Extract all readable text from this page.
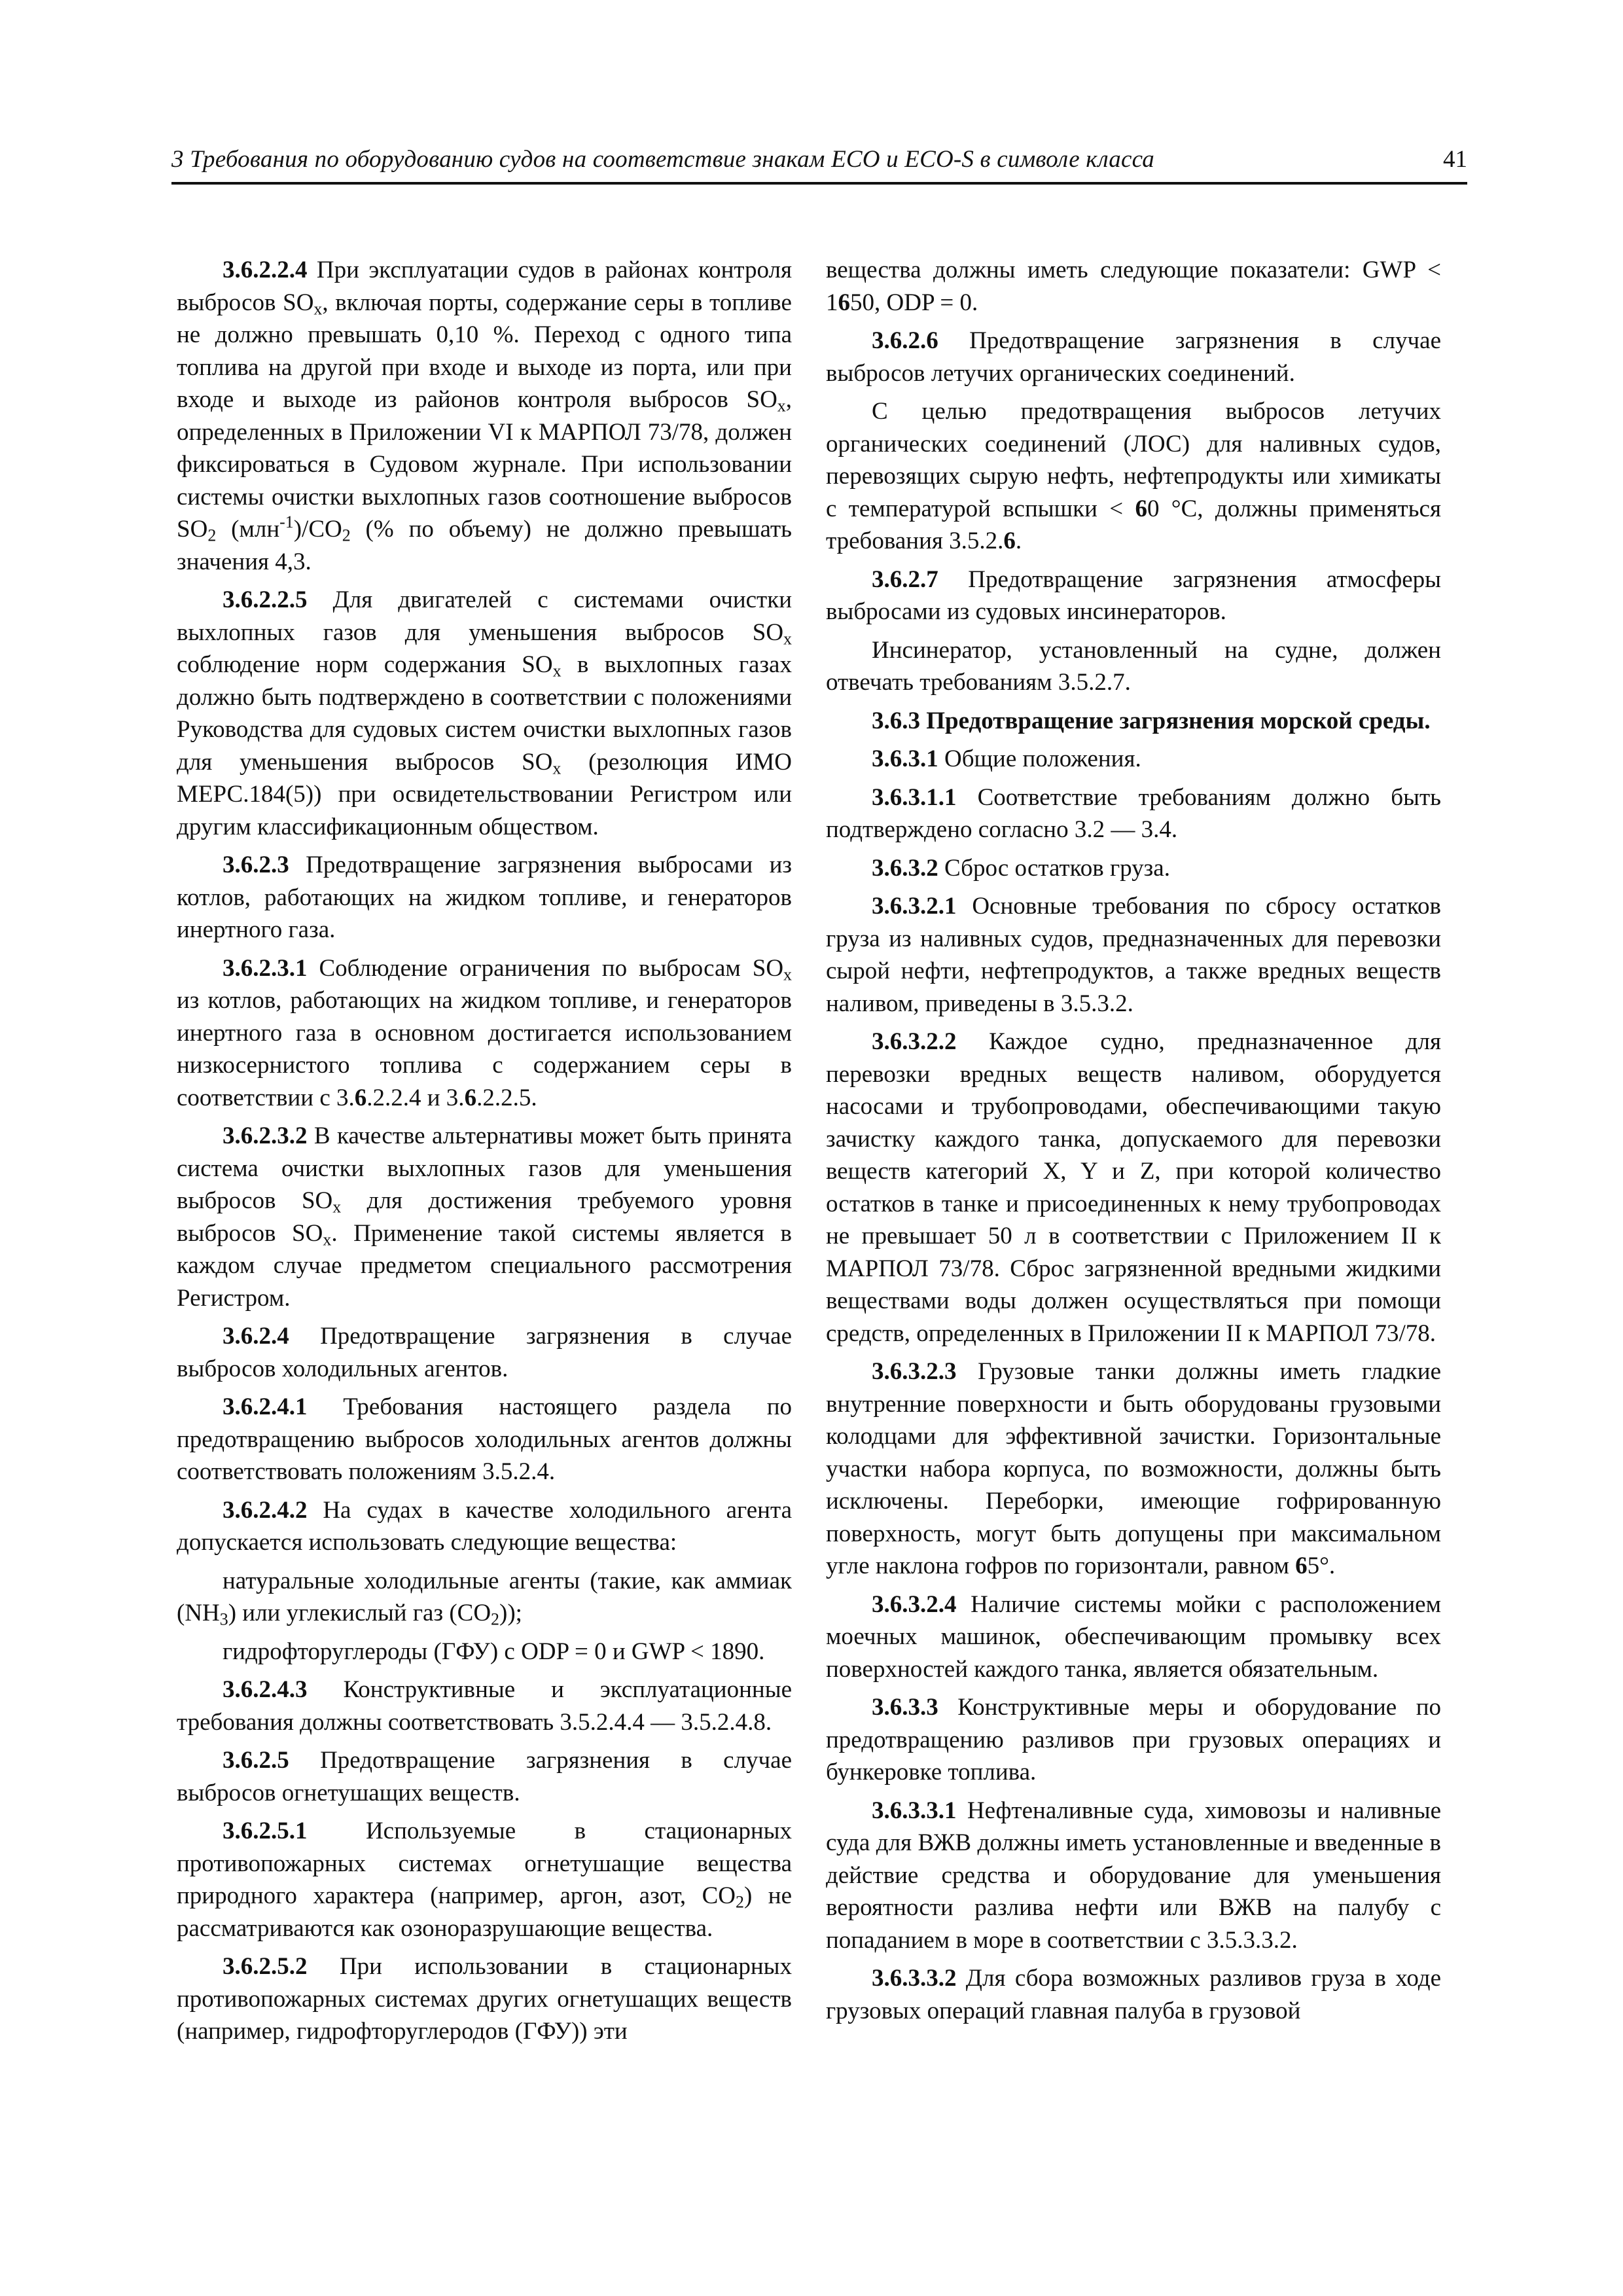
3 Требования по оборудованию судов на соответствие знакам ECO и ECO-S в символе класса	41

3.6.2.2.4 При эксплуатации судов в районах контроля выбросов $SO_x$, включая порты, содержание серы в топливе не должно превышать 0,10 %. Переход с одного типа топлива на другой при входе и выходе из порта, или при входе и выходе из районов контроля выбросов $SO_x$, определенных в Приложении VI к МАРПОЛ 73/78, должен фиксироваться в Судовом журнале. При использовании системы очистки выхлопных газов соотношение выбросов $SO_2$ $(млн^{-1})/CO_2$ (% по объему) не должно превышать значения 4,3.

3.6.2.2.5 Для двигателей с системами очистки выхлопных газов для уменьшения выбросов $SO_x$ соблюдение норм содержания $SO_x$ в выхлопных газах должно быть подтверждено в соответствии с положениями Руководства для судовых систем очистки выхлопных газов для уменьшения выбросов $SO_x$ (резолюция ИМО МЕРС.184(5)) при освидетельствовании Регистром или другим классификационным обществом.

3.6.2.3 Предотвращение загрязнения выбросами из котлов, работающих на жидком топливе, и генераторов инертного газа.

3.6.2.3.1 Соблюдение ограничения по выбросам $SO_x$ из котлов, работающих на жидком топливе, и генераторов инертного газа в основном достигается использованием низкосернистого топлива с содержанием серы в соответствии с 3.6.2.2.4 и 3.6.2.2.5.

3.6.2.3.2 В качестве альтернативы может быть принята система очистки выхлопных газов для уменьшения выбросов $SO_x$ для достижения требуемого уровня выбросов $SO_x$. Применение такой системы является в каждом случае предметом специального рассмотрения Регистром.

3.6.2.4 Предотвращение загрязнения в случае выбросов холодильных агентов.

3.6.2.4.1 Требования настоящего раздела по предотвращению выбросов холодильных агентов должны соответствовать положениям 3.5.2.4.

3.6.2.4.2 На судах в качестве холодильного агента допускается использовать следующие вещества:

натуральные холодильные агенты (такие, как аммиак $(NH_3)$ или углекислый газ $(CO_2)$);

гидрофторуглероды (ГФУ) с ODP = 0 и GWP < 1890.

3.6.2.4.3 Конструктивные и эксплуатационные требования должны соответствовать 3.5.2.4.4 — 3.5.2.4.8.

3.6.2.5 Предотвращение загрязнения в случае выбросов огнетушащих веществ.

3.6.2.5.1 Используемые в стационарных противопожарных системах огнетушащие вещества природного характера (например, аргон, азот, $CO_2$) не рассматриваются как озоноразрушающие вещества.

3.6.2.5.2 При использовании в стационарных противопожарных системах других огнетушащих веществ (например, гидрофторуглеродов (ГФУ)) эти

вещества должны иметь следующие показатели: GWP < 1650, ODP = 0.

3.6.2.6 Предотвращение загрязнения в случае выбросов летучих органических соединений.

С целью предотвращения выбросов летучих органических соединений (ЛОС) для наливных судов, перевозящих сырую нефть, нефтепродукты или химикаты с температурой вспышки < 60 °С, должны применяться требования 3.5.2.6.

3.6.2.7 Предотвращение загрязнения атмосферы выбросами из судовых инсинераторов.

Инсинератор, установленный на судне, должен отвечать требованиям 3.5.2.7.

3.6.3 Предотвращение загрязнения морской среды.

3.6.3.1 Общие положения.

3.6.3.1.1 Соответствие требованиям должно быть подтверждено согласно 3.2 — 3.4.

3.6.3.2 Сброс остатков груза.

3.6.3.2.1 Основные требования по сбросу остатков груза из наливных судов, предназначенных для перевозки сырой нефти, нефтепродуктов, а также вредных веществ наливом, приведены в 3.5.3.2.

3.6.3.2.2 Каждое судно, предназначенное для перевозки вредных веществ наливом, оборудуется насосами и трубопроводами, обеспечивающими такую зачистку каждого танка, допускаемого для перевозки веществ категорий X, Y и Z, при которой количество остатков в танке и присоединенных к нему трубопроводах не превышает 50 л в соответствии с Приложением II к МАРПОЛ 73/78. Сброс загрязненной вредными жидкими веществами воды должен осуществляться при помощи средств, определенных в Приложении II к МАРПОЛ 73/78.

3.6.3.2.3 Грузовые танки должны иметь гладкие внутренние поверхности и быть оборудованы грузовыми колодцами для эффективной зачистки. Горизонтальные участки набора корпуса, по возможности, должны быть исключены. Переборки, имеющие гофрированную поверхность, могут быть допущены при максимальном угле наклона гофров по горизонтали, равном 65°.

3.6.3.2.4 Наличие системы мойки с расположением моечных машинок, обеспечивающим промывку всех поверхностей каждого танка, является обязательным.

3.6.3.3 Конструктивные меры и оборудование по предотвращению разливов при грузовых операциях и бункеровке топлива.

3.6.3.3.1 Нефтеналивные суда, химовозы и наливные суда для ВЖВ должны иметь установленные и введенные в действие средства и оборудование для уменьшения вероятности разлива нефти или ВЖВ на палубу с попаданием в море в соответствии с 3.5.3.3.2.

3.6.3.3.2 Для сбора возможных разливов груза в ходе грузовых операций главная палуба в грузовой
